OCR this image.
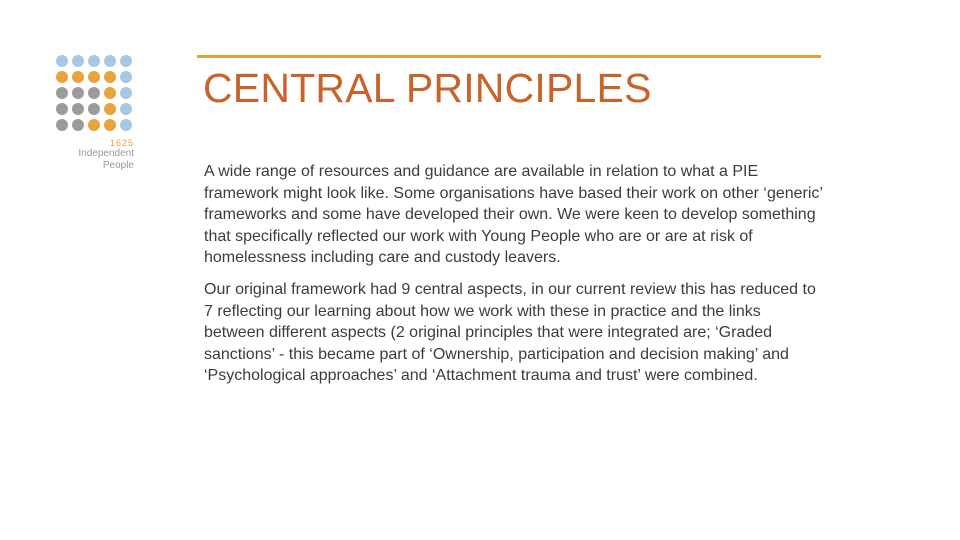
1625
Independent
People
CENTRAL PRINCIPLES

A wide range of resources and guidance are available in relation to what a PIE framework might look like. Some organisations have based their work on other ‘generic’ frameworks and some have developed their own. We were keen to develop something that specifically reflected our work with Young People who are or are at risk of homelessness including care and custody leavers.

Our original framework had 9 central aspects, in our current review this has reduced to 7 reflecting our learning about how we work with these in practice and the links between different aspects (2 original principles that were integrated are; ‘Graded sanctions’ - this became part of ‘Ownership, participation and decision making’ and ‘Psychological approaches’ and ‘Attachment trauma and trust’ were combined.
